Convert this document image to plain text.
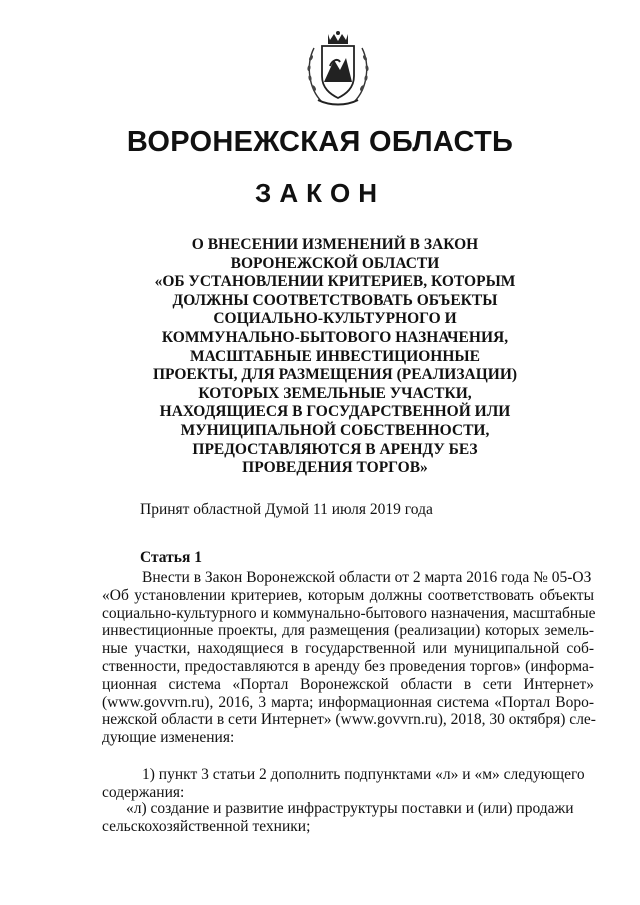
ВОРОНЕЖСКАЯ ОБЛАСТЬ
ЗАКОН
О ВНЕСЕНИИ ИЗМЕНЕНИЙ В ЗАКОН
ВОРОНЕЖСКОЙ ОБЛАСТИ
«ОБ УСТАНОВЛЕНИИ КРИТЕРИЕВ, КОТОРЫМ
ДОЛЖНЫ СООТВЕТСТВОВАТЬ ОБЪЕКТЫ
СОЦИАЛЬНО-КУЛЬТУРНОГО И
КОММУНАЛЬНО-БЫТОВОГО НАЗНАЧЕНИЯ,
МАСШТАБНЫЕ ИНВЕСТИЦИОННЫЕ
ПРОЕКТЫ, ДЛЯ РАЗМЕЩЕНИЯ (РЕАЛИЗАЦИИ)
КОТОРЫХ ЗЕМЕЛЬНЫЕ УЧАСТКИ,
НАХОДЯЩИЕСЯ В ГОСУДАРСТВЕННОЙ ИЛИ
МУНИЦИПАЛЬНОЙ СОБСТВЕННОСТИ,
ПРЕДОСТАВЛЯЮТСЯ В АРЕНДУ БЕЗ
ПРОВЕДЕНИЯ ТОРГОВ»
Принят областной Думой 11 июля 2019 года
Статья 1
Внести в Закон Воронежской области от 2 марта 2016 года № 05-ОЗ
«Об установлении критериев, которым должны соответствовать объекты
социально-культурного и коммунально-бытового назначения, масштабные
инвестиционные проекты, для размещения (реализации) которых земель-
ные участки, находящиеся в государственной или муниципальной соб-
ственности, предоставляются в аренду без проведения торгов» (информа-
ционная система «Портал Воронежской области в сети Интернет»
(www.govvrn.ru), 2016, 3 марта; информационная система «Портал Воро-
нежской области в сети Интернет» (www.govvrn.ru), 2018, 30 октября) сле-
дующие изменения:
1) пункт 3 статьи 2 дополнить подпунктами «л» и «м» следующего
содержания:
«л) создание и развитие инфраструктуры поставки и (или) продажи
сельскохозяйственной техники;
